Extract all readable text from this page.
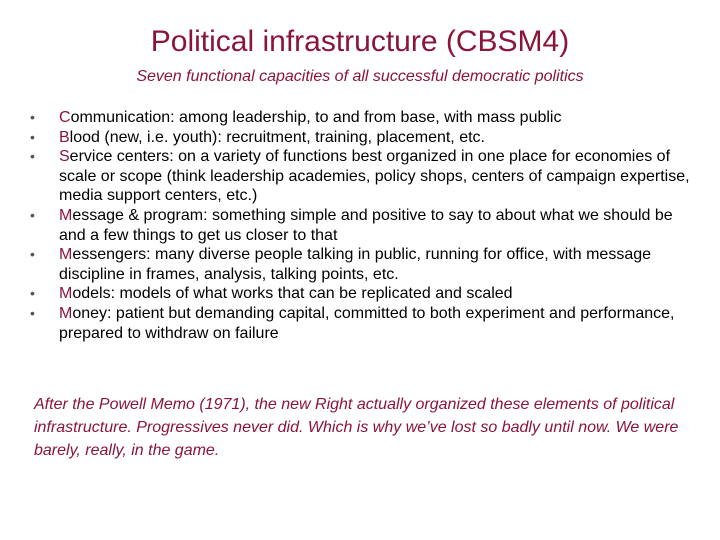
Political infrastructure (CBSM4)
Seven functional capacities of all successful democratic politics
• Communication: among leadership, to and from base, with mass public
• Blood (new, i.e. youth): recruitment, training, placement, etc.
• Service centers: on a variety of functions best organized in one place for economies of scale or scope (think leadership academies, policy shops, centers of campaign expertise, media support centers, etc.)
• Message & program: something simple and positive to say to about what we should be and a few things to get us closer to that
• Messengers: many diverse people talking in public, running for office, with message discipline in frames, analysis, talking points, etc.
• Models: models of what works that can be replicated and scaled
• Money: patient but demanding capital, committed to both experiment and performance, prepared to withdraw on failure
After the Powell Memo (1971), the new Right actually organized these elements of political infrastructure. Progressives never did. Which is why we’ve lost so badly until now. We were barely, really, in the game.
